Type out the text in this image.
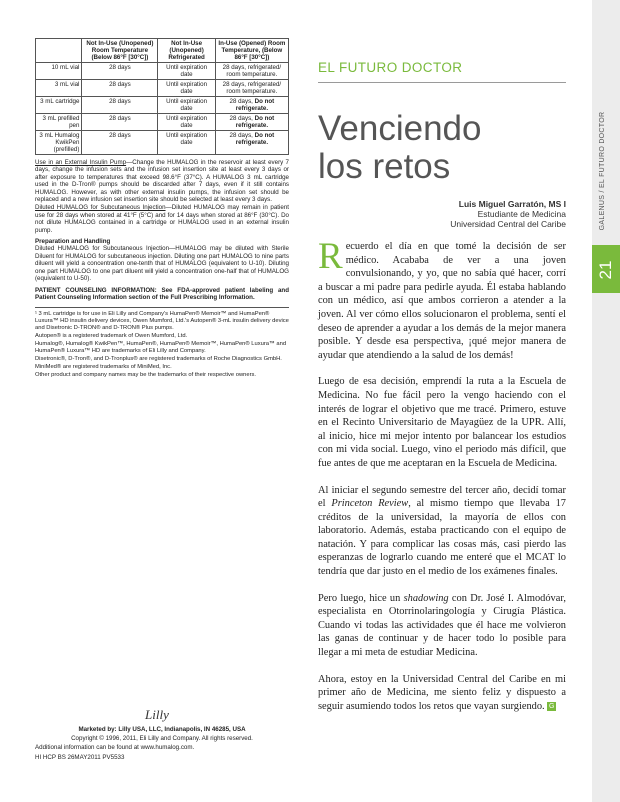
	Not In-Use (Unopened) Room Temperature (Below 86°F [30°C])	Not In-Use (Unopened) Refrigerated	In-Use (Opened) Room Temperature, (Below 86°F [30°C])
10 mL vial	28 days	Until expiration date	28 days, refrigerated/ room temperature.
3 mL vial	28 days	Until expiration date	28 days, refrigerated/ room temperature.
3 mL cartridge	28 days	Until expiration date	28 days, Do not refrigerate.
3 mL prefilled pen	28 days	Until expiration date	28 days, Do not refrigerate.
3 mL Humalog KwikPen (prefilled)	28 days	Until expiration date	28 days, Do not refrigerate.

Use in an External Insulin Pump—Change the HUMALOG in the reservoir at least every 7 days, change the infusion sets and the infusion set insertion site at least every 3 days or after exposure to temperatures that exceed 98.6°F (37°C). A HUMALOG 3 mL cartridge used in the D-Tron® pumps should be discarded after 7 days, even if it still contains HUMALOG. However, as with other external insulin pumps, the infusion set should be replaced and a new infusion set insertion site should be selected at least every 3 days.

Diluted HUMALOG for Subcutaneous Injection—Diluted HUMALOG may remain in patient use for 28 days when stored at 41°F (5°C) and for 14 days when stored at 86°F (30°C). Do not dilute HUMALOG contained in a cartridge or HUMALOG used in an external insulin pump.

Preparation and Handling

Diluted HUMALOG for Subcutaneous Injection—HUMALOG may be diluted with Sterile Diluent for HUMALOG for subcutaneous injection. Diluting one part HUMALOG to nine parts diluent will yield a concentration one-tenth that of HUMALOG (equivalent to U-10). Diluting one part HUMALOG to one part diluent will yield a concentration one-half that of HUMALOG (equivalent to U-50).

PATIENT COUNSELING INFORMATION: See FDA-approved patient labeling and Patient Counseling Information section of the Full Prescribing Information.

¹ 3 mL cartridge is for use in Eli Lilly and Company's HumaPen® Memoir™ and HumaPen® Luxura™ HD insulin delivery devices, Owen Mumford, Ltd.'s Autopen® 3-mL insulin delivery device and Disetronic D-TRON® and D-TRON® Plus pumps.

Autopen® is a registered trademark of Owen Mumford, Ltd.

Humalog®, Humalog® KwikPen™, HumaPen®, HumaPen® Memoir™, HumaPen® Luxura™ and HumaPen® Luxura™ HD are trademarks of Eli Lilly and Company.

Disetronic®, D-Tron®, and D-Tronplus® are registered trademarks of Roche Diagnostics GmbH.

MiniMed® are registered trademarks of MiniMed, Inc.

Other product and company names may be the trademarks of their respective owners.

Lilly
Marketed by: Lilly USA, LLC, Indianapolis, IN 46285, USA
Copyright © 1996, 2011, Eli Lilly and Company. All rights reserved.
Additional information can be found at www.humalog.com.
HI HCP BS 26MAY2011 PV5533
EL FUTURO DOCTOR
Venciendo
los retos
Luis Miguel Garratón, MS I
Estudiante de Medicina
Universidad Central del Caribe

Recuerdo el día en que tomé la decisión de ser médico. Acababa de ver a una joven convulsionando, y yo, que no sabía qué hacer, corrí a buscar a mi padre para pedirle ayuda. Él estaba hablando con un médico, así que ambos corrieron a atender a la joven. Al ver cómo ellos solucionaron el problema, sentí el deseo de aprender a ayudar a los demás de la mejor manera posible. Y desde esa perspectiva, ¡qué mejor manera de ayudar que atendiendo a la salud de los demás!

Luego de esa decisión, emprendí la ruta a la Escuela de Medicina. No fue fácil pero la vengo haciendo con el interés de lograr el objetivo que me tracé. Primero, estuve en el Recinto Universitario de Mayagüez de la UPR. Allí, al inicio, hice mi mejor intento por balancear los estudios con mi vida social. Luego, vino el periodo más difícil, que fue antes de que me aceptaran en la Escuela de Medicina.

Al iniciar el segundo semestre del tercer año, decidí tomar el Princeton Review, al mismo tiempo que llevaba 17 créditos de la universidad, la mayoría de ellos con laboratorio. Además, estaba practicando con el equipo de natación. Y para complicar las cosas más, casi pierdo las esperanzas de lograrlo cuando me enteré que el MCAT lo tendría que dar justo en el medio de los exámenes finales.

Pero luego, hice un shadowing con Dr. José I. Almodóvar, especialista en Otorrinolaringología y Cirugía Plástica. Cuando vi todas las actividades que él hace me volvieron las ganas de continuar y de hacer todo lo posible para llegar a mi meta de estudiar Medicina.

Ahora, estoy en la Universidad Central del Caribe en mi primer año de Medicina, me siento feliz y dispuesto a seguir asumiendo todos los retos que vayan surgiendo. G

GALENUS / EL FUTURO DOCTOR
21
